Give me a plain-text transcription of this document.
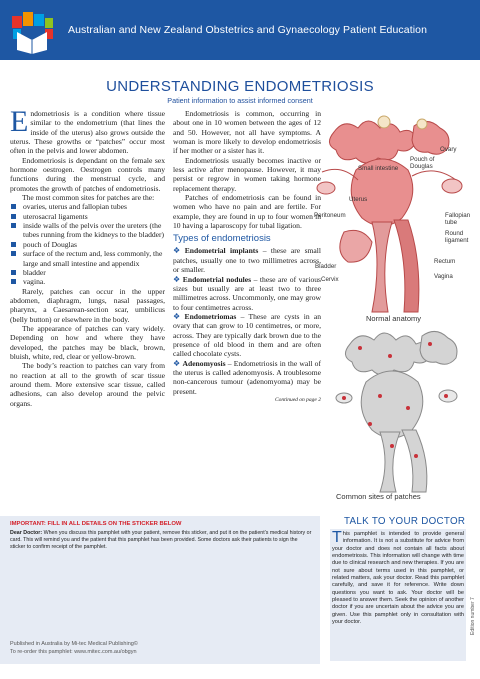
Australian and New Zealand Obstetrics and Gynaecology Patient Education
UNDERSTANDING ENDOMETRIOSIS
Patient information to assist informed consent

Endometriosis is a condition where tissue similar to the endometrium (that lines the inside of the uterus) also grows outside the uterus. These growths or “patches” occur most often in the pelvis and lower abdomen.

Endometriosis is dependant on the female sex hormone oestrogen. Oestrogen controls many functions during the menstrual cycle, and promotes the growth of patches of endometriosis.

The most common sites for patches are the:

ovaries, uterus and fallopian tubes
uterosacral ligaments
inside walls of the pelvis over the ureters (the tubes running from the kidneys to the bladder)
pouch of Douglas
surface of the rectum and, less commonly, the large and small intestine and appendix
bladder
vagina.

Rarely, patches can occur in the upper abdomen, diaphragm, lungs, nasal passages, pharynx, a Caesarean-section scar, umbilicus (belly button) or elsewhere in the body.

The appearance of patches can vary widely. Depending on how and where they have developed, the patches may be black, brown, bluish, white, red, clear or yellow-brown.

The body’s reaction to patches can vary from no reaction at all to the growth of scar tissue around them. More extensive scar tissue, called adhesions, can also develop around the pelvic organs.

Endometriosis is common, occurring in about one in 10 women between the ages of 12 and 50. However, not all have symptoms. A woman is more likely to develop endometriosis if her mother or a sister has it.

Endometriosis usually becomes inactive or less active after menopause. However, it may persist or regrow in women taking hormone replacement therapy.

Patches of endometriosis can be found in women who have no pain and are fertile. For example, they are found in up to four women in 10 having a laparoscopy for tubal ligation.

Types of endometriosis

❖ Endometrial implants – these are small patches, usually one to two millimetres across, or smaller.

❖ Endometrial nodules – these are of various sizes but usually are at least two to three millimetres across. Uncommonly, one may grow to four centimetres across.

❖ Endometriomas – These are cysts in an ovary that can grow to 10 centimetres, or more, across. They are typically dark brown due to the presence of old blood in them and are often called chocolate cysts.

❖ Adenomyosis – Endometriosis in the wall of the uterus is called adenomyosis. A troublesome non-cancerous tumour (adenomyoma) may be present.

Continued on page 2
Ovary
Pouch of Douglas
Small intestine
Uterus
Peritoneum	Fallopian tube
Round ligament
Rectum
Bladder
Vagina
Cervix
Normal anatomy
Common sites of patches
IMPORTANT: FILL IN ALL DETAILS ON THE STICKER BELOW
Dear Doctor: When you discuss this pamphlet with your patient, remove this sticker, and put it on the patient’s medical history or card. This will remind you and the patient that this pamphlet has been provided. Some doctors ask their patients to sign the sticker to confirm receipt of the pamphlet.
Published in Australia by Mi-tec Medical Publishing©
To re-order this pamphlet: www.mitec.com.au/obgyn
TALK TO YOUR DOCTOR
This pamphlet is intended to provide general information. It is not a substitute for advice from your doctor and does not contain all facts about endometriosis. This information will change with time due to clinical research and new therapies. If you are not sure about terms used in this pamphlet, or related matters, ask your doctor. Read this pamphlet carefully, and save it for reference. Write down questions you want to ask. Your doctor will be pleased to answer them. Seek the opinion of another doctor if you are uncertain about the advice you are given. Use this pamphlet only in consultation with your doctor.	Edition number 7
